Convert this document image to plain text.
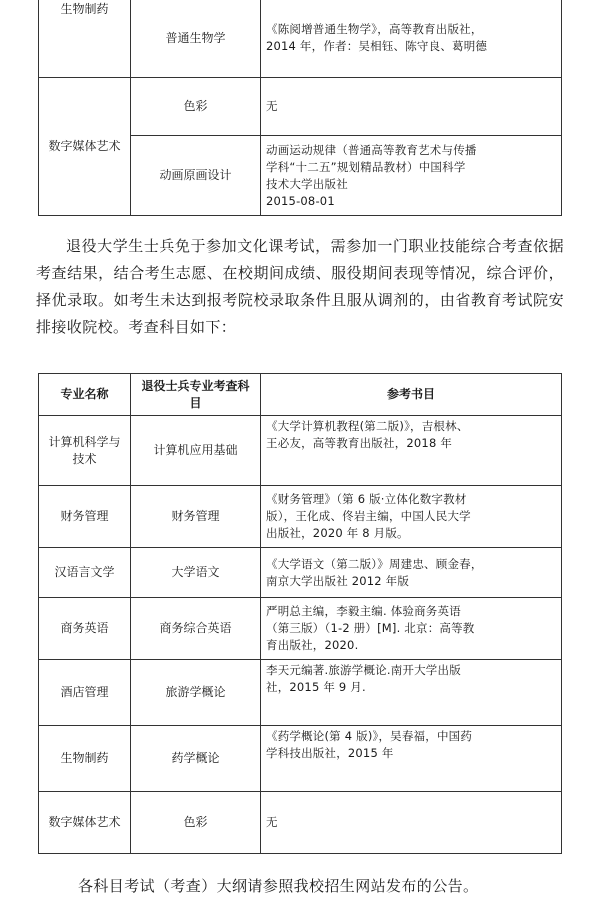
生物制药	普通生物学	《陈阅增普通生物学》，高等教育出版社，
2014 年，作者：吴相钰、陈守良、葛明德

数字媒体艺术	色彩	无

	动画原画设计	动画运动规律（普通高等教育艺术与传播
学科“十二五”规划精品教材）中国科学
技术大学出版社
2015-08-01

退役大学生士兵免于参加文化课考试，需参加一门职业技能综合考查依据考查结果，结合考生志愿、在校期间成绩、服役期间表现等情况，综合评价，择优录取。如考生未达到报考院校录取条件且服从调剂的，由省教育考试院安排接收院校。考查科目如下：

专业名称	退役士兵专业考查科目	参考书目
计算机科学与技术	计算机应用基础	《大学计算机教程(第二版)》，吉根林、
王必友，高等教育出版社，2018 年

财务管理	财务管理	《财务管理》（第 6 版·立体化数字教材
版），王化成、佟岩主编，中国人民大学
出版社，2020 年 8 月版。

汉语言文学	大学语文	《大学语文（第二版）》周建忠、顾金春，
南京大学出版社 2012 年版

商务英语	商务综合英语	严明总主编，李毅主编. 体验商务英语
（第三版）（1-2 册）[M]. 北京：高等教
育出版社，2020.

酒店管理	旅游学概论	李天元编著.旅游学概论.南开大学出版
社，2015 年 9 月.

生物制药	药学概论	《药学概论(第 4 版)》，吴春福，中国药
学科技出版社，2015 年

数字媒体艺术	色彩	无

各科目考试（考查）大纲请参照我校招生网站发布的公告。
